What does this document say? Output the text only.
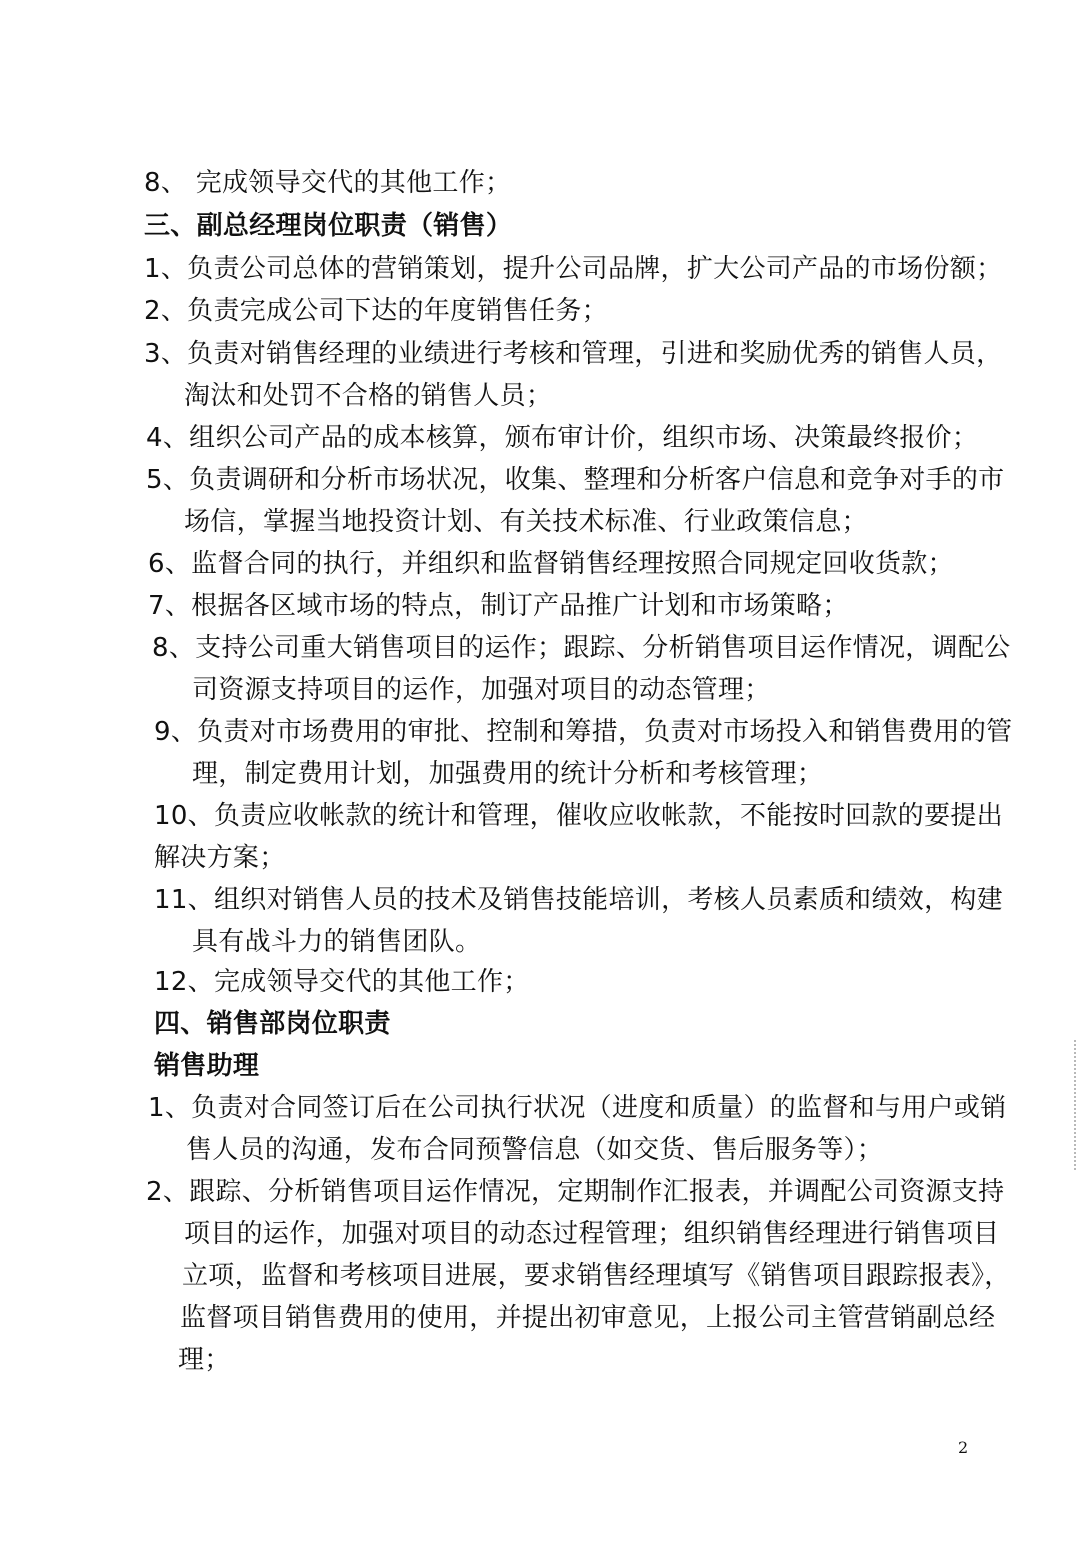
8、 完成领导交代的其他工作；
三、副总经理岗位职责（销售）
1、负责公司总体的营销策划，提升公司品牌，扩大公司产品的市场份额；
2、负责完成公司下达的年度销售任务；
3、负责对销售经理的业绩进行考核和管理，引进和奖励优秀的销售人员，
淘汰和处罚不合格的销售人员；
4、组织公司产品的成本核算，颁布审计价，组织市场、决策最终报价；
5、负责调研和分析市场状况，收集、整理和分析客户信息和竞争对手的市
场信，掌握当地投资计划、有关技术标准、行业政策信息；
6、监督合同的执行，并组织和监督销售经理按照合同规定回收货款；
7、根据各区域市场的特点，制订产品推广计划和市场策略；
8、支持公司重大销售项目的运作；跟踪、分析销售项目运作情况，调配公
司资源支持项目的运作，加强对项目的动态管理；
9、负责对市场费用的审批、控制和筹措，负责对市场投入和销售费用的管
理，制定费用计划，加强费用的统计分析和考核管理；
10、负责应收帐款的统计和管理，催收应收帐款，不能按时回款的要提出
解决方案；
11、组织对销售人员的技术及销售技能培训，考核人员素质和绩效，构建
具有战斗力的销售团队。
12、完成领导交代的其他工作；
四、销售部岗位职责
销售助理
1、负责对合同签订后在公司执行状况（进度和质量）的监督和与用户或销
售人员的沟通，发布合同预警信息（如交货、售后服务等）；
2、跟踪、分析销售项目运作情况，定期制作汇报表，并调配公司资源支持
项目的运作，加强对项目的动态过程管理；组织销售经理进行销售项目
立项，监督和考核项目进展，要求销售经理填写《销售项目跟踪报表》，
监督项目销售费用的使用，并提出初审意见，上报公司主管营销副总经
理；
2
